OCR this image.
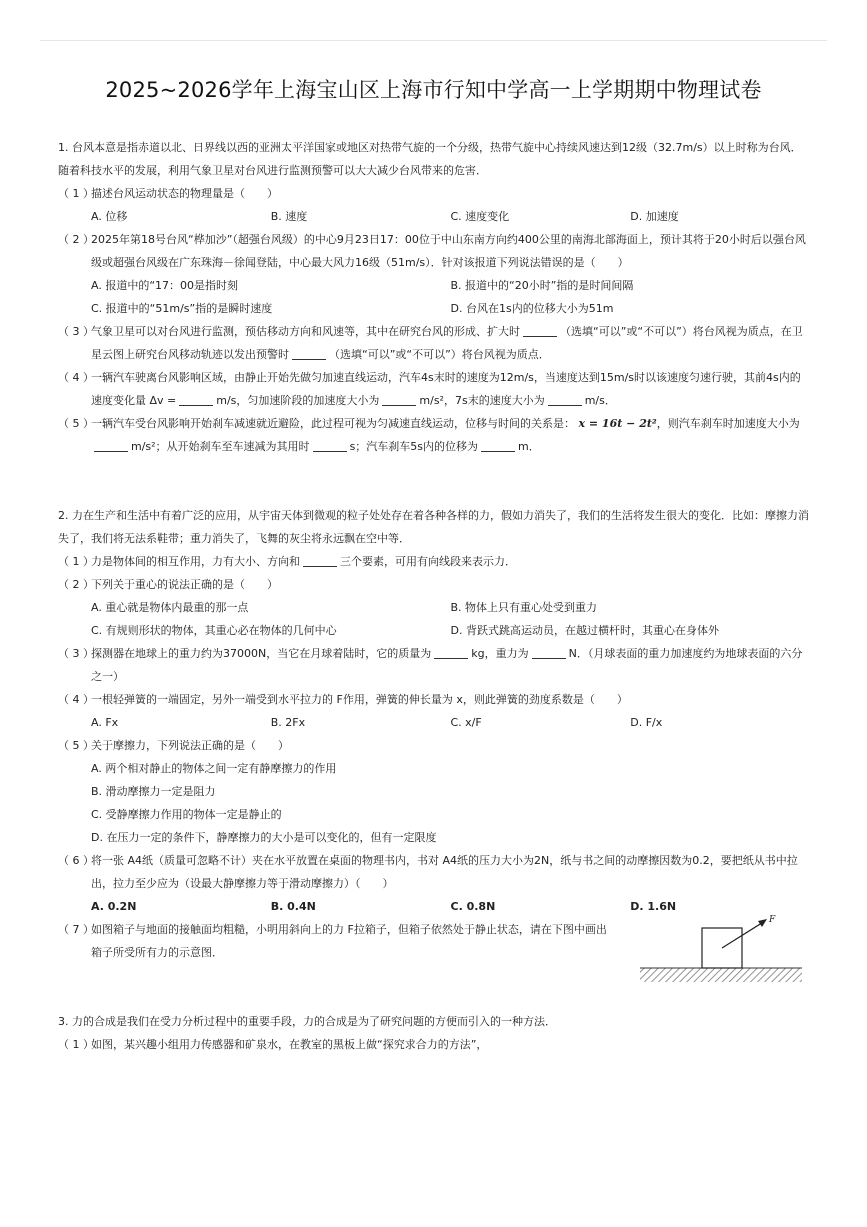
2025~2026学年上海宝山区上海市行知中学高一上学期期中物理试卷
1. 台风本意是指赤道以北、日界线以西的亚洲太平洋国家或地区对热带气旋的一个分级，热带气旋中心持续风速达到12级（32.7m/s）以上时称为台风．随着科技水平的发展，利用气象卫星对台风进行监测预警可以大大减少台风带来的危害．
（ 1 ）
描述台风运动状态的物理量是（　　）
A. 位移	B. 速度	C. 速度变化	D. 加速度
（ 2 ）
2025年第18号台风“桦加沙”（超强台风级）的中心9月23日17：00位于中山东南方向约400公里的南海北部海面上，预计其将于20小时后以强台风级或超强台风级在广东珠海－徐闻登陆，中心最大风力16级（51m/s）．针对该报道下列说法错误的是（　　）
A. 报道中的“17：00是指时刻	B. 报道中的“20小时”指的是时间间隔
C. 报道中的“51m/s”指的是瞬时速度	D. 台风在1s内的位移大小为51m
（ 3 ）
气象卫星可以对台风进行监测，预估移动方向和风速等，其中在研究台风的形成、扩大时	（选填“可以”或“不可以”）将台风视为质点，在卫星云图上研究台风移动轨迹以发出预警时	（选填“可以”或“不可以”）将台风视为质点．
（ 4 ）
一辆汽车驶离台风影响区域，由静止开始先做匀加速直线运动，汽车4s末时的速度为12m/s，当速度达到15m/s时以该速度匀速行驶，其前4s内的速度变化量 Δv =	m/s，匀加速阶段的加速度大小为	m/s²，7s末的速度大小为	m/s．
（ 5 ）
一辆汽车受台风影响开始刹车减速就近避险，此过程可视为匀减速直线运动，位移与时间的关系是： x = 16t − 2t²，则汽车刹车时加速度大小为m/s²；从开始刹车至车速减为其用时	s；汽车刹车5s内的位移为	m．
2. 力在生产和生活中有着广泛的应用，从宇宙天体到微观的粒子处处存在着各种各样的力，假如力消失了，我们的生活将发生很大的变化．比如：摩擦力消失了，我们将无法系鞋带；重力消失了，飞舞的灰尘将永远飘在空中等．
（ 1 ）
力是物体间的相互作用，力有大小、方向和	三个要素，可用有向线段来表示力．
（ 2 ）
下列关于重心的说法正确的是（　　）
A. 重心就是物体内最重的那一点	B. 物体上只有重心处受到重力
C. 有规则形状的物体，其重心必在物体的几何中心	D. 背跃式跳高运动员，在越过横杆时，其重心在身体外
（ 3 ）
探测器在地球上的重力约为37000N，当它在月球着陆时，它的质量为	kg，重力为	N．（月球表面的重力加速度约为地球表面的六分之一）
（ 4 ）
一根轻弹簧的一端固定，另外一端受到水平拉力的 F作用，弹簧的伸长量为 x，则此弹簧的劲度系数是（　　）
A. Fx	B. 2Fx	C. x/F	D. F/x
（ 5 ）
关于摩擦力，下列说法正确的是（　　）
A. 两个相对静止的物体之间一定有静摩擦力的作用
B. 滑动摩擦力一定是阻力
C. 受静摩擦力作用的物体一定是静止的
D. 在压力一定的条件下，静摩擦力的大小是可以变化的，但有一定限度
（ 6 ）
将一张 A4纸（质量可忽略不计）夹在水平放置在桌面的物理书内，书对 A4纸的压力大小为2N，纸与书之间的动摩擦因数为0.2，要把纸从书中拉出，拉力至少应为（设最大静摩擦力等于滑动摩擦力）（　　）
A. 0.2N	B. 0.4N	C. 0.8N	D. 1.6N
（ 7 ）
如图箱子与地面的接触面均粗糙，小明用斜向上的力 F拉箱子，但箱子依然处于静止状态，请在下图中画出箱子所受所有力的示意图．
F
3. 力的合成是我们在受力分析过程中的重要手段，力的合成是为了研究问题的方便而引入的一种方法．
（ 1 ）
如图，某兴趣小组用力传感器和矿泉水，在教室的黑板上做“探究求合力的方法”，
